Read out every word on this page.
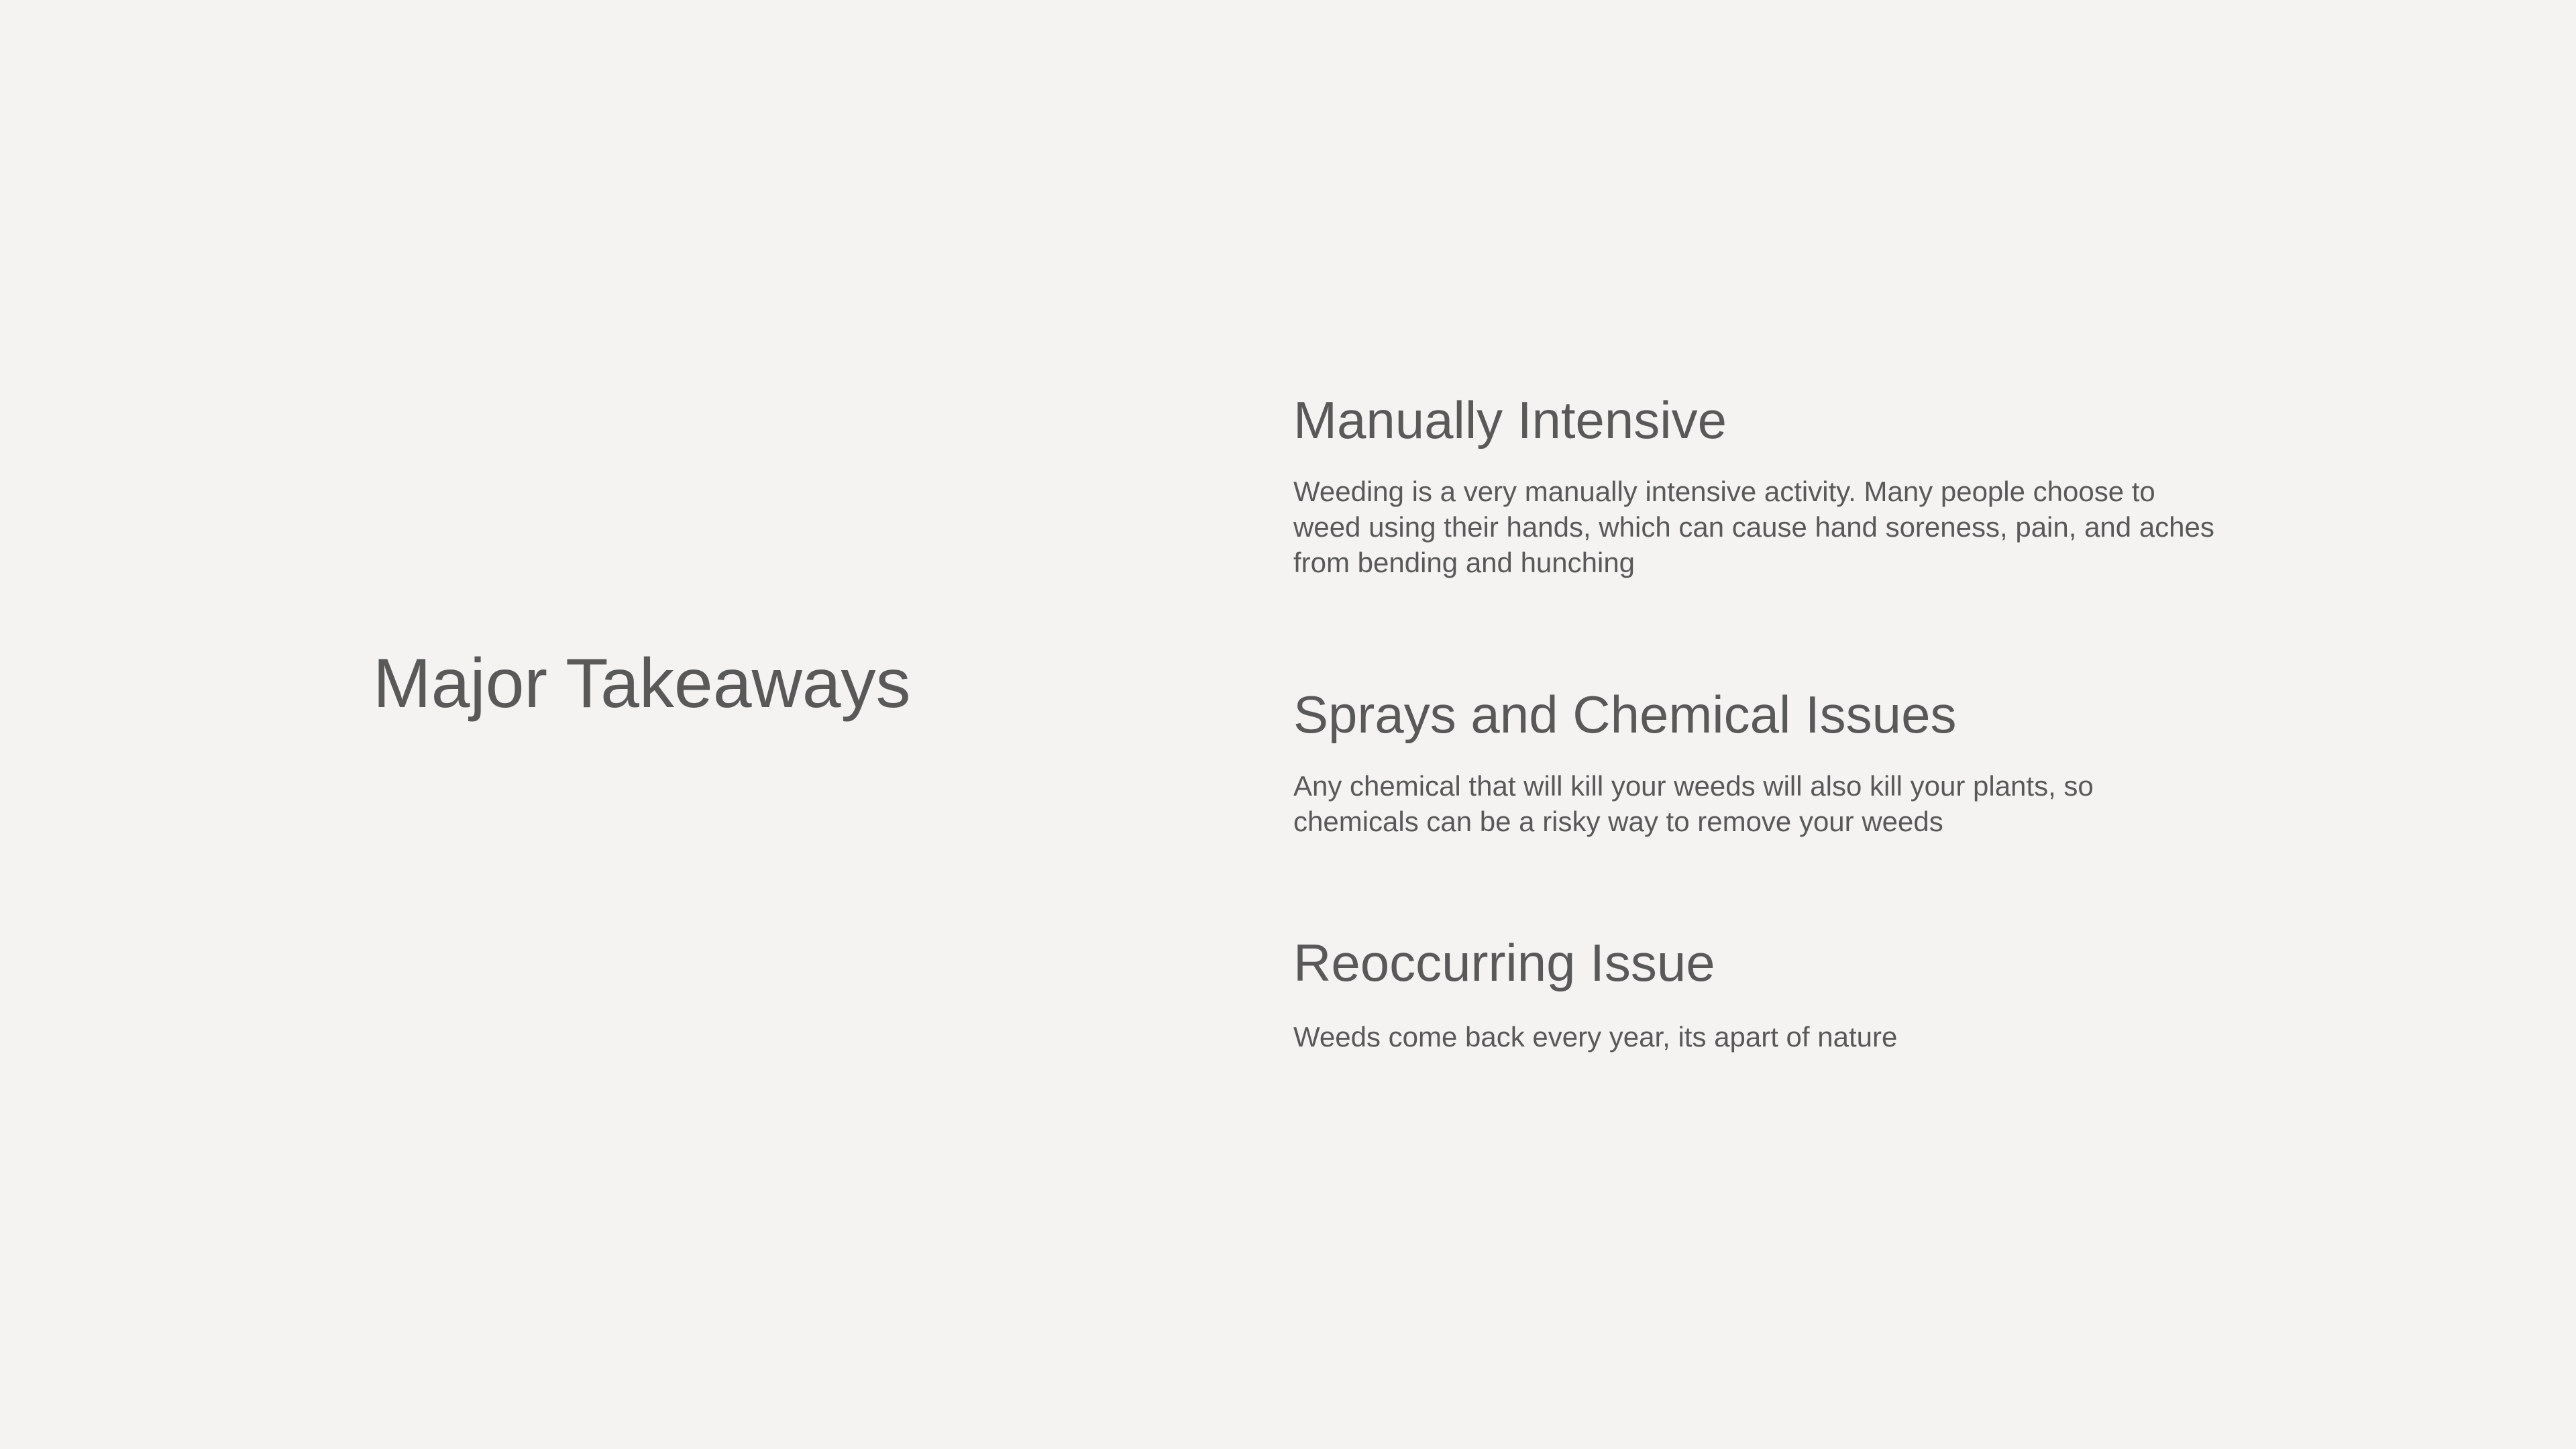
Major Takeaways
Manually Intensive

Weeding is a very manually intensive activity. Many people choose to weed using their hands, which can cause hand soreness, pain, and aches from bending and hunching

Sprays and Chemical Issues

Any chemical that will kill your weeds will also kill your plants, so chemicals can be a risky way to remove your weeds

Reoccurring Issue

Weeds come back every year, its apart of nature
